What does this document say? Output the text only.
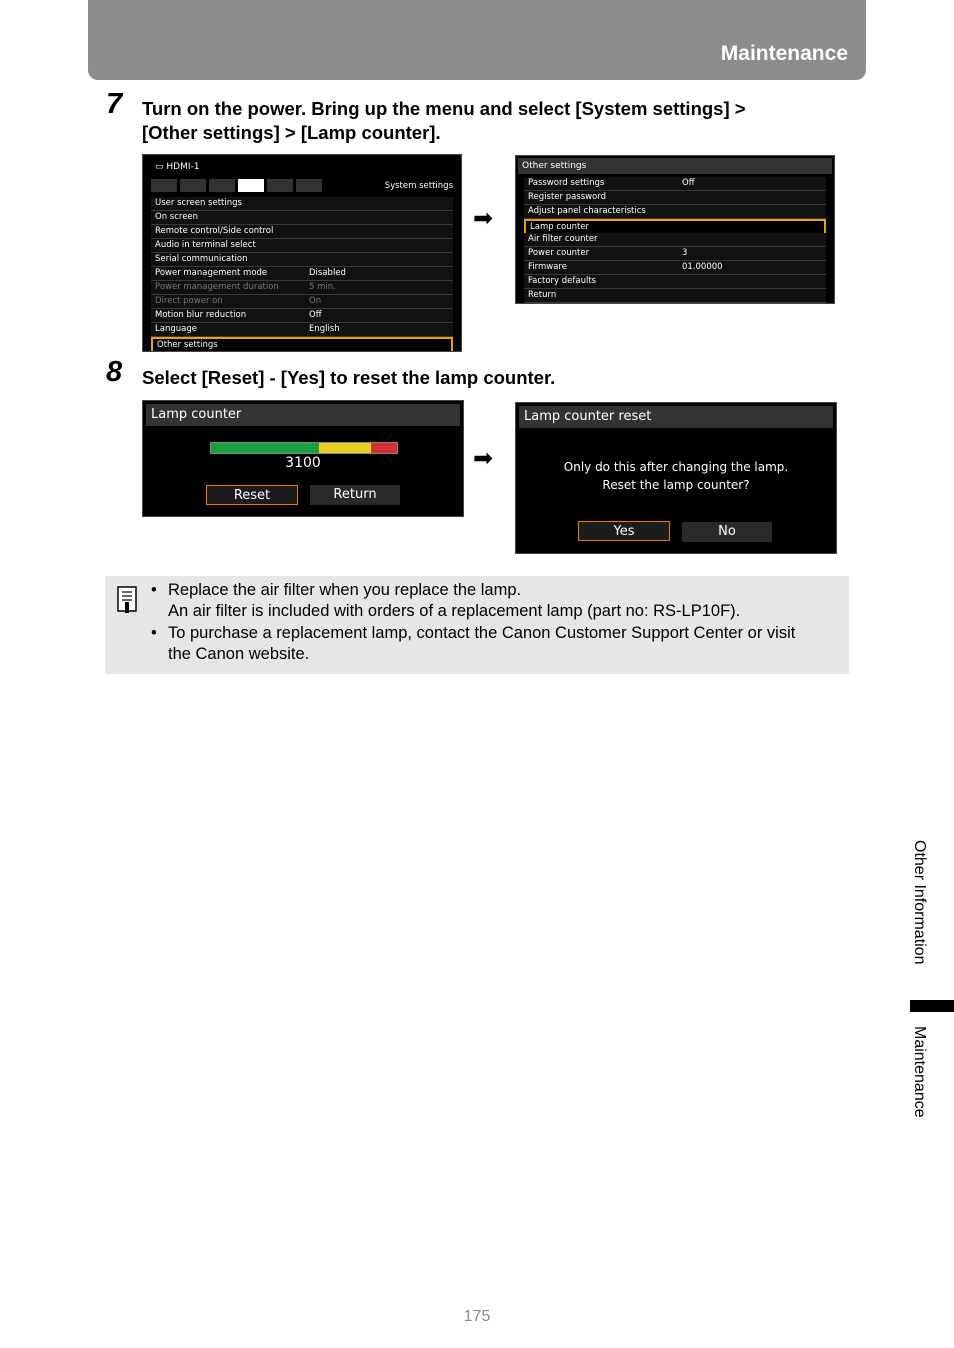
Maintenance
7 Turn on the power. Bring up the menu and select [System settings] >
[Other settings] > [Lamp counter].
▭ HDMI-1
System settings
User screen settings
On screen
Remote control/Side control
Audio in terminal select
Serial communication
Power management mode	Disabled
Power management duration	5 min.
Direct power on	On
Motion blur reduction	Off
Language	English
Other settings
➡
Other settings
Password settings	Off
Register password
Adjust panel characteristics
Lamp counter
Air filter counter
Power counter	3
Firmware	01.00000
Factory defaults
Return
8 Select [Reset] - [Yes] to reset the lamp counter.
Lamp counter
3100
Reset	Return
➡
Lamp counter reset
Only do this after changing the lamp.
Reset the lamp counter?
Yes	No
• Replace the air filter when you replace the lamp.
An air filter is included with orders of a replacement lamp (part no: RS-LP10F).
• To purchase a replacement lamp, contact the Canon Customer Support Center or visit
the Canon website.
Other Information
Maintenance
175
